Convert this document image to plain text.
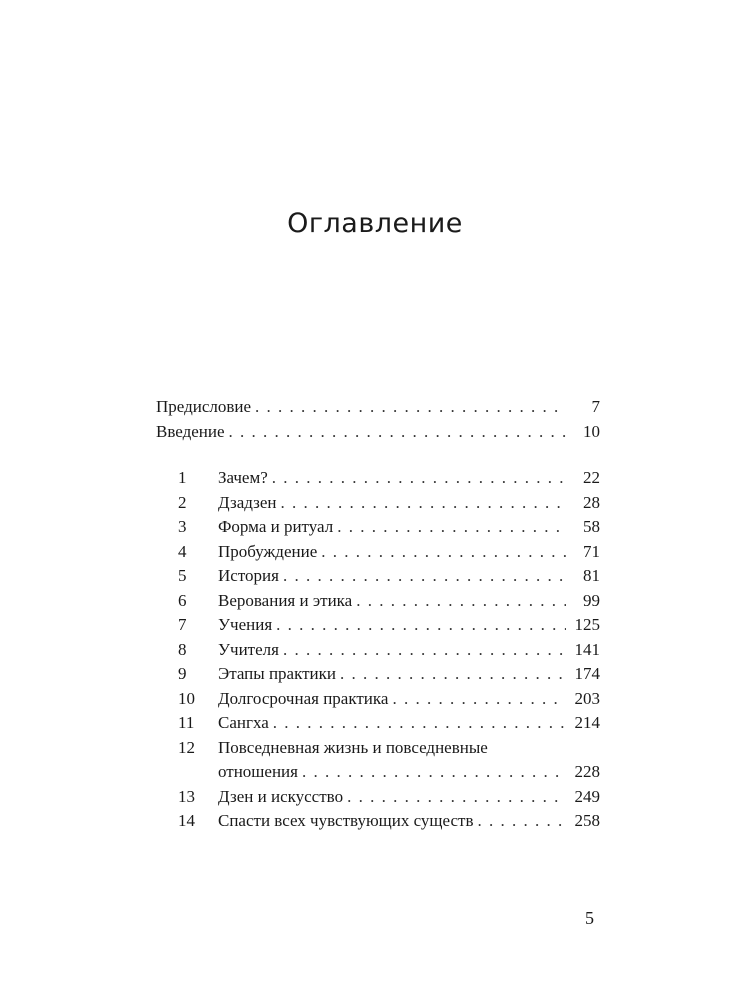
Оглавление
Предисловие . . .	7
Введение . . .	10
1	Зачем? . . .	22
2	Дзадзен . . .	28
3	Форма и ритуал . . .	58
4	Пробуждение . . .	71
5	История . . .	81
6	Верования и этика . . .	99
7	Учения . . .	125
8	Учителя . . .	141
9	Этапы практики . . .	174
10	Долгосрочная практика . . .	203
11	Сангха . . .	214
12	Повседневная жизнь и повседневные
отношения . . .	228
13	Дзен и искусство . . .	249
14	Спасти всех чувствующих существ . . .	258
5
